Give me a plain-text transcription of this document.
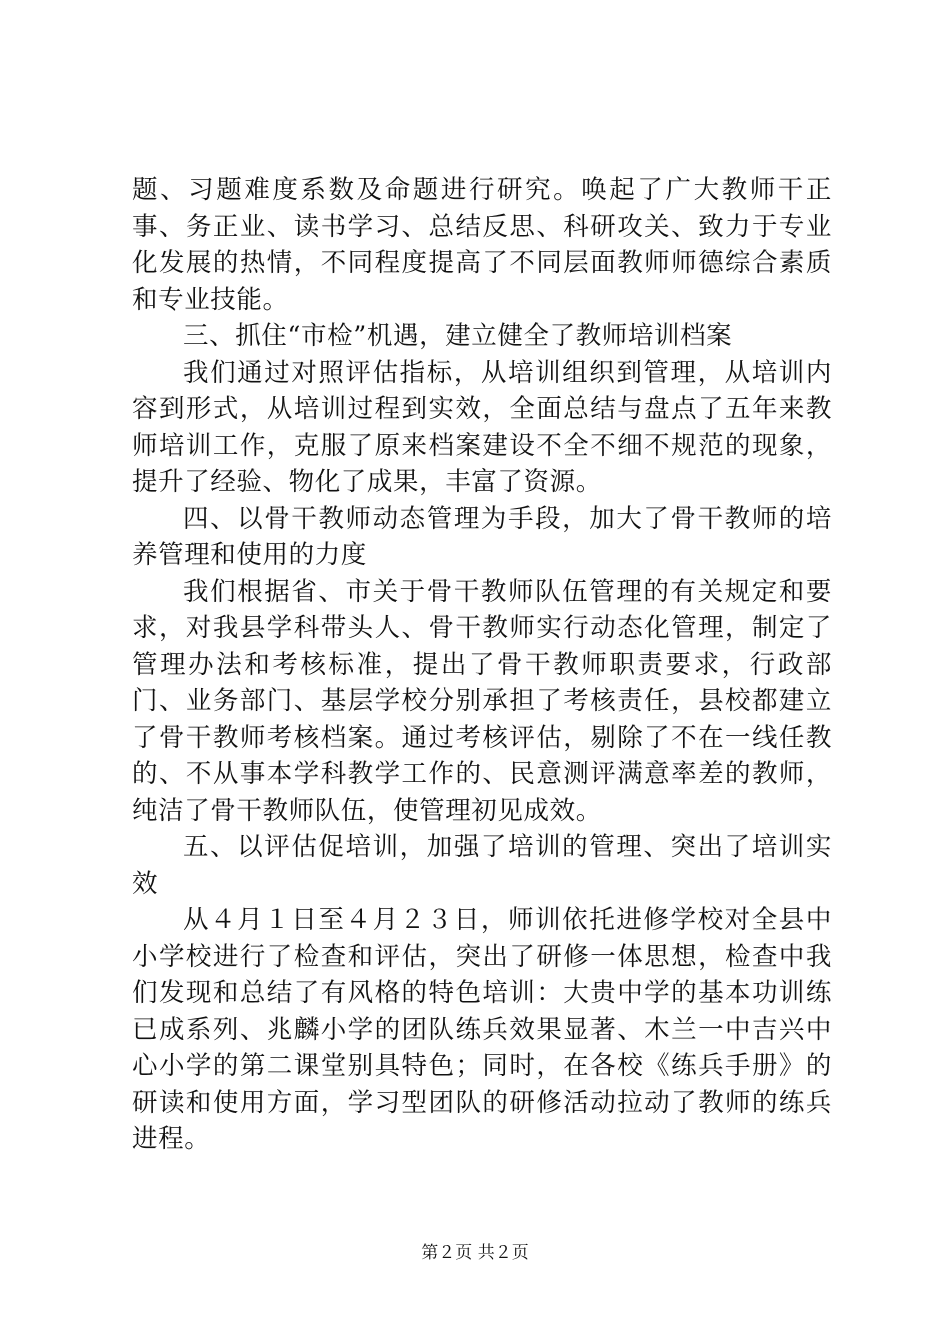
题、习题难度系数及命题进行研究。唤起了广大教师干正事、务正业、读书学习、总结反思、科研攻关、致力于专业化发展的热情，不同程度提高了不同层面教师师德综合素质和专业技能。

三、抓住“市检”机遇，建立健全了教师培训档案

我们通过对照评估指标，从培训组织到管理，从培训内容到形式，从培训过程到实效，全面总结与盘点了五年来教师培训工作，克服了原来档案建设不全不细不规范的现象，提升了经验、物化了成果，丰富了资源。

四、以骨干教师动态管理为手段，加大了骨干教师的培养管理和使用的力度

我们根据省、市关于骨干教师队伍管理的有关规定和要求，对我县学科带头人、骨干教师实行动态化管理，制定了管理办法和考核标准，提出了骨干教师职责要求，行政部门、业务部门、基层学校分别承担了考核责任，县校都建立了骨干教师考核档案。通过考核评估，剔除了不在一线任教的、不从事本学科教学工作的、民意测评满意率差的教师，纯洁了骨干教师队伍，使管理初见成效。

五、以评估促培训，加强了培训的管理、突出了培训实效

从４月１日至４月２３日，师训依托进修学校对全县中小学校进行了检查和评估，突出了研修一体思想，检查中我们发现和总结了有风格的特色培训：大贵中学的基本功训练已成系列、兆麟小学的团队练兵效果显著、木兰一中吉兴中心小学的第二课堂别具特色；同时，在各校《练兵手册》的研读和使用方面，学习型团队的研修活动拉动了教师的练兵进程。

第２页 共２页
